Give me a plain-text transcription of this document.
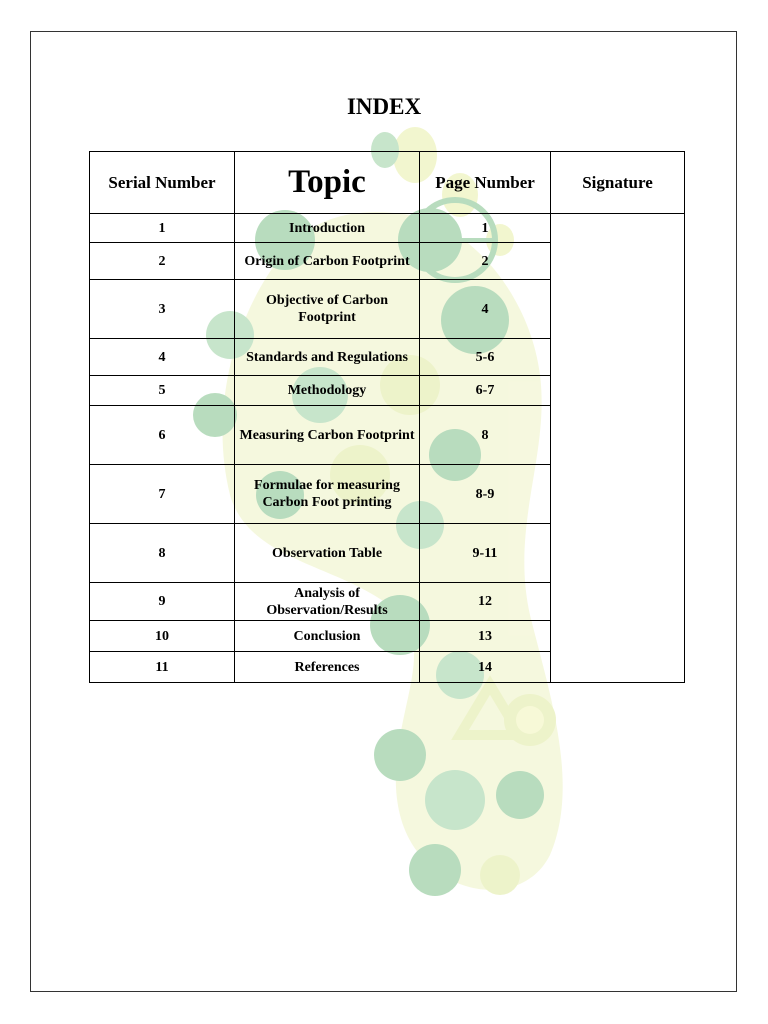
INDEX
Serial Number	Topic	Page Number	Signature
1	Introduction	1	
2	Origin of Carbon Footprint	2	
3	Objective of Carbon Footprint	4	
4	Standards and Regulations	5-6	
5	Methodology	6-7	
6	Measuring Carbon Footprint	8	
7	Formulae for measuring Carbon Foot printing	8-9	
8	Observation Table	9-11	
9	Analysis of Observation/Results	12	
10	Conclusion	13	
11	References	14	
